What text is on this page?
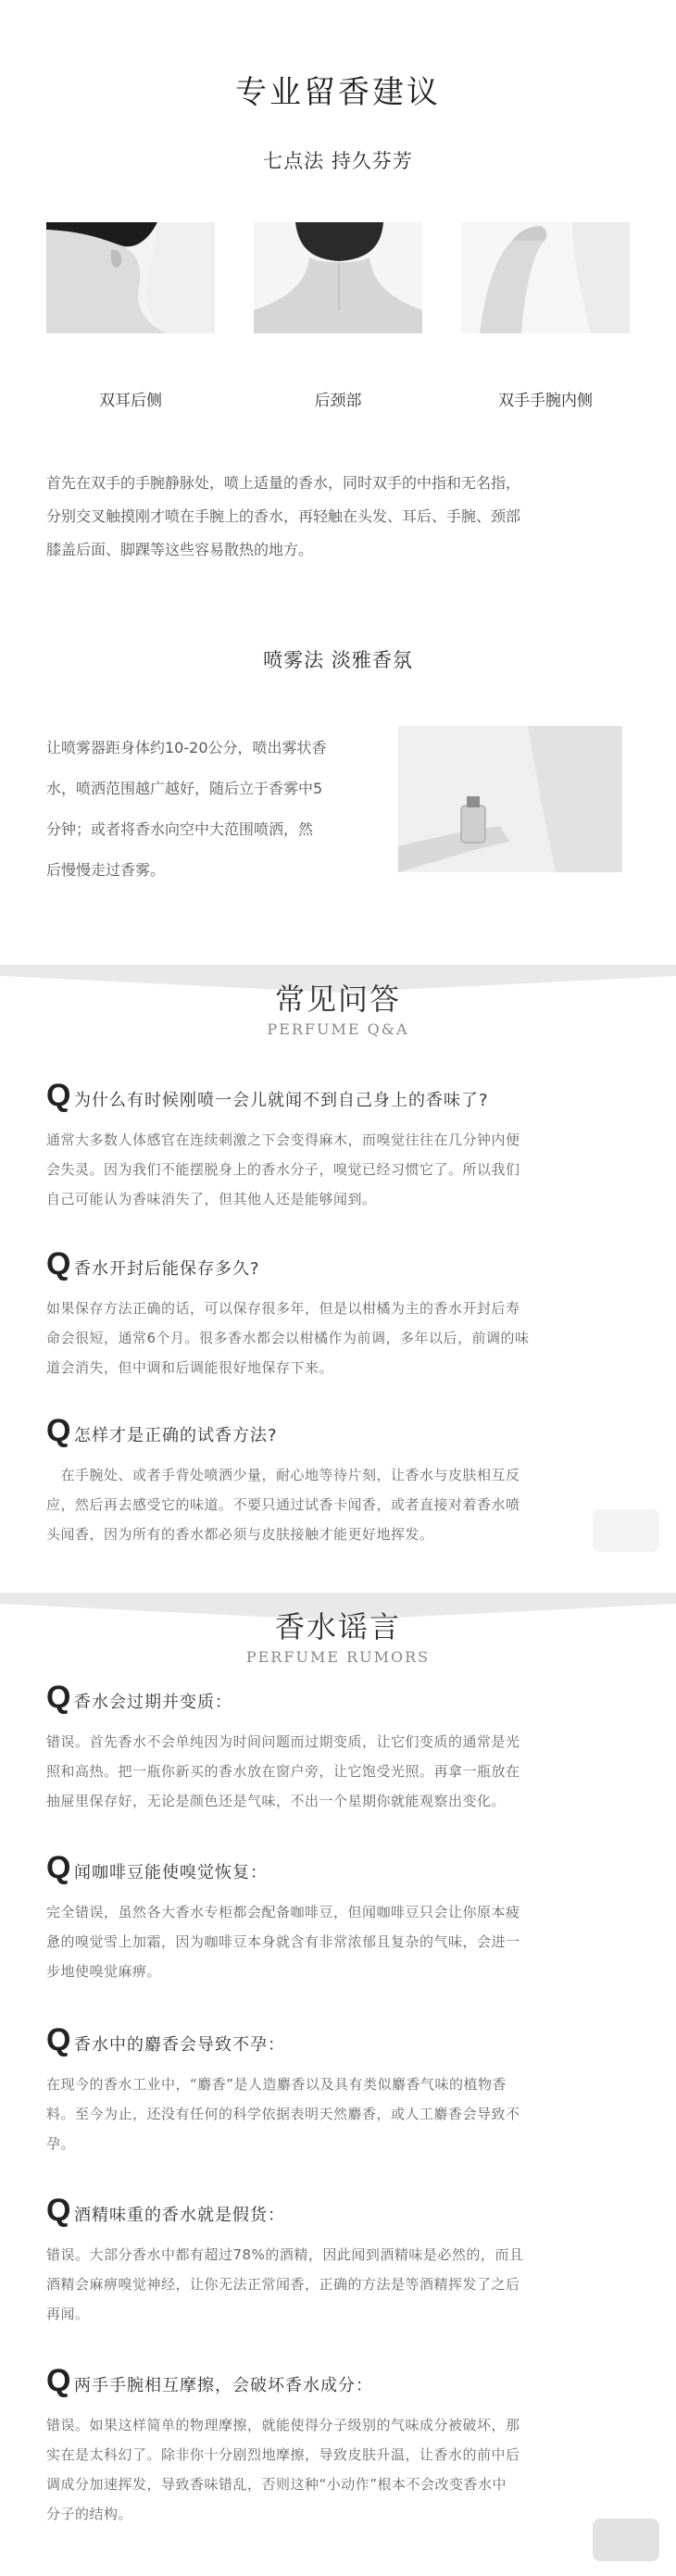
专业留香建议
七点法 持久芬芳
双耳后侧	后颈部	双手手腕内侧
首先在双手的手腕静脉处，喷上适量的香水，同时双手的中指和无名指，
分别交叉触摸刚才喷在手腕上的香水，再轻触在头发、耳后、手腕、颈部
膝盖后面、脚踝等这些容易散热的地方。
喷雾法 淡雅香氛
让喷雾器距身体约10-20公分，喷出雾状香
水，喷洒范围越广越好，随后立于香雾中5
分钟；或者将香水向空中大范围喷洒，然
后慢慢走过香雾。
常见问答
PERFUME Q&A
Q 为什么有时候刚喷一会儿就闻不到自己身上的香味了?

通常大多数人体感官在连续刺激之下会变得麻木，而嗅觉往往在几分钟内便

会失灵。因为我们不能摆脱身上的香水分子，嗅觉已经习惯它了。所以我们

自己可能认为香味消失了，但其他人还是能够闻到。

Q 香水开封后能保存多久?

如果保存方法正确的话，可以保存很多年，但是以柑橘为主的香水开封后寿

命会很短，通常6个月。很多香水都会以柑橘作为前调，多年以后，前调的味

道会消失，但中调和后调能很好地保存下来。

Q 怎样才是正确的试香方法?

　在手腕处、或者手背处喷洒少量，耐心地等待片刻，让香水与皮肤相互反

应，然后再去感受它的味道。不要只通过试香卡闻香，或者直接对着香水喷

头闻香，因为所有的香水都必须与皮肤接触才能更好地挥发。

香水谣言
PERFUME RUMORS
Q 香水会过期并变质：

错误。首先香水不会单纯因为时间问题而过期变质，让它们变质的通常是光

照和高热。把一瓶你新买的香水放在窗户旁，让它饱受光照。再拿一瓶放在

抽屉里保存好，无论是颜色还是气味，不出一个星期你就能观察出变化。

Q 闻咖啡豆能使嗅觉恢复：

完全错误，虽然各大香水专柜都会配备咖啡豆，但闻咖啡豆只会让你原本疲

惫的嗅觉雪上加霜，因为咖啡豆本身就含有非常浓郁且复杂的气味，会进一

步地使嗅觉麻痹。

Q 香水中的麝香会导致不孕：

在现今的香水工业中，“麝香”是人造麝香以及具有类似麝香气味的植物香

料。至今为止，还没有任何的科学依据表明天然麝香，或人工麝香会导致不

孕。

Q 酒精味重的香水就是假货：

错误。大部分香水中都有超过78%的酒精，因此闻到酒精味是必然的，而且

酒精会麻痹嗅觉神经，让你无法正常闻香，正确的方法是等酒精挥发了之后

再闻。

Q 两手手腕相互摩擦，会破坏香水成分：

错误。如果这样简单的物理摩擦，就能使得分子级别的气味成分被破坏，那

实在是太科幻了。除非你十分剧烈地摩擦，导致皮肤升温，让香水的前中后

调成分加速挥发，导致香味错乱，否则这种“小动作”根本不会改变香水中

分子的结构。
